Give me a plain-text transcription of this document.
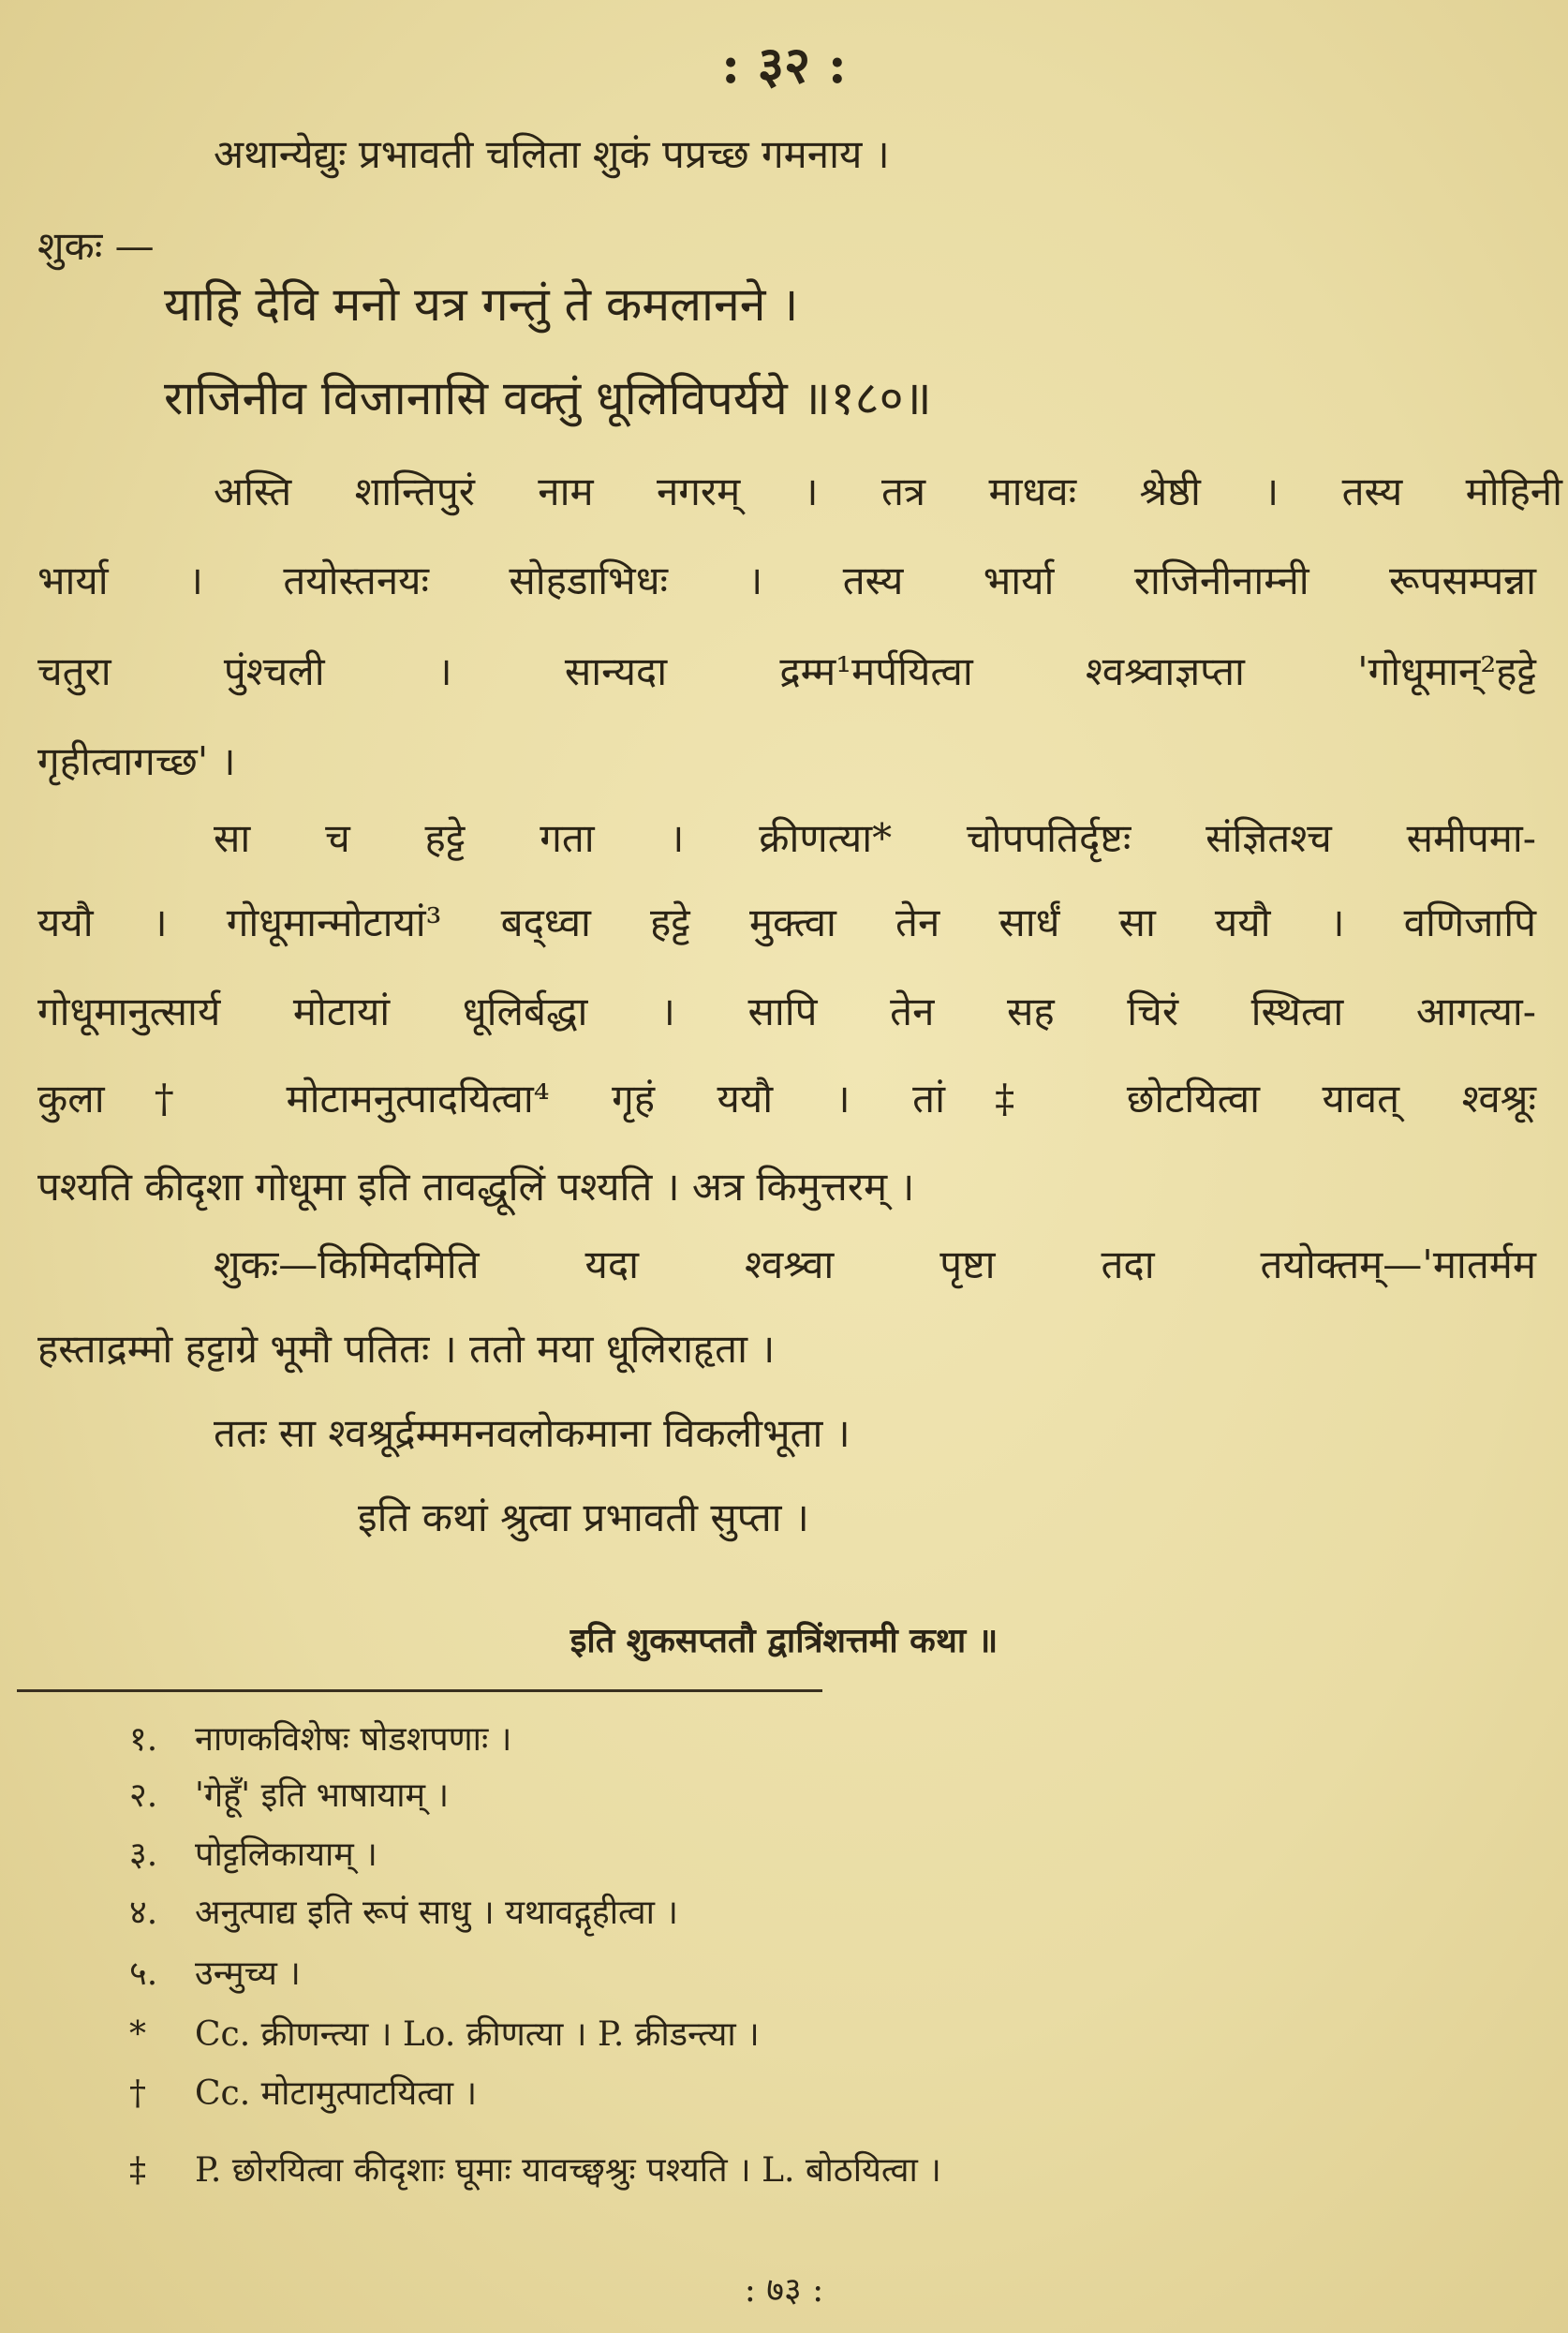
: ३२ :
अथान्येद्युः प्रभावती चलिता शुकं पप्रच्छ गमनाय ।
शुकः —
याहि देवि मनो यत्र गन्तुं ते कमलानने ।
राजिनीव विजानासि वक्तुं धूलिविपर्यये ॥१८०॥
अस्ति शान्तिपुरं नाम नगरम् । तत्र माधवः श्रेष्ठी । तस्य मोहिनी
भार्या । तयोस्तनयः सोहडाभिधः । तस्य भार्या राजिनीनाम्नी रूपसम्पन्ना
चतुरा पुंश्चली । सान्यदा द्रम्म¹मर्पयित्वा श्वश्र्वाज्ञप्ता 'गोधूमान्²हट्टे
गृहीत्वागच्छ' ।
सा च हट्टे गता । क्रीणत्या* चोपपतिर्दृष्टः संज्ञितश्च समीपमा-
ययौ । गोधूमान्मोटायां³ बद्ध्वा हट्टे मुक्त्वा तेन सार्धं सा ययौ । वणिजापि
गोधूमानुत्सार्य मोटायां धूलिर्बद्धा । सापि तेन सह चिरं स्थित्वा आगत्या-
कुला† मोटामनुत्पादयित्वा⁴ गृहं ययौ । तां‡ छोटयित्वा यावत् श्वश्रूः
पश्यति कीदृशा गोधूमा इति तावद्धूलिं पश्यति । अत्र किमुत्तरम् ।
शुकः—किमिदमिति यदा श्वश्र्वा पृष्टा तदा तयोक्तम्—'मातर्मम
हस्ताद्रम्मो हट्टाग्रे भूमौ पतितः । ततो मया धूलिराहृता ।
ततः सा श्वश्रूर्द्रम्ममनवलोकमाना विकलीभूता ।
इति कथां श्रुत्वा प्रभावती सुप्ता ।
इति शुकसप्ततौ द्वात्रिंशत्तमी कथा ॥
१. नाणकविशेषः षोडशपणाः ।
२. 'गेहूँ' इति भाषायाम् ।
३. पोट्टलिकायाम् ।
४. अनुत्पाद्य इति रूपं साधु । यथावद्गृहीत्वा ।
५. उन्मुच्य ।
* Cc. क्रीणन्त्या । Lo. क्रीणत्या । P. क्रीडन्त्या ।
† Cc. मोटामुत्पाटयित्वा ।
‡ P. छोरयित्वा कीदृशाः घूमाः यावच्छ्वश्रुः पश्यति । L. बोठयित्वा ।
: ७३ :
